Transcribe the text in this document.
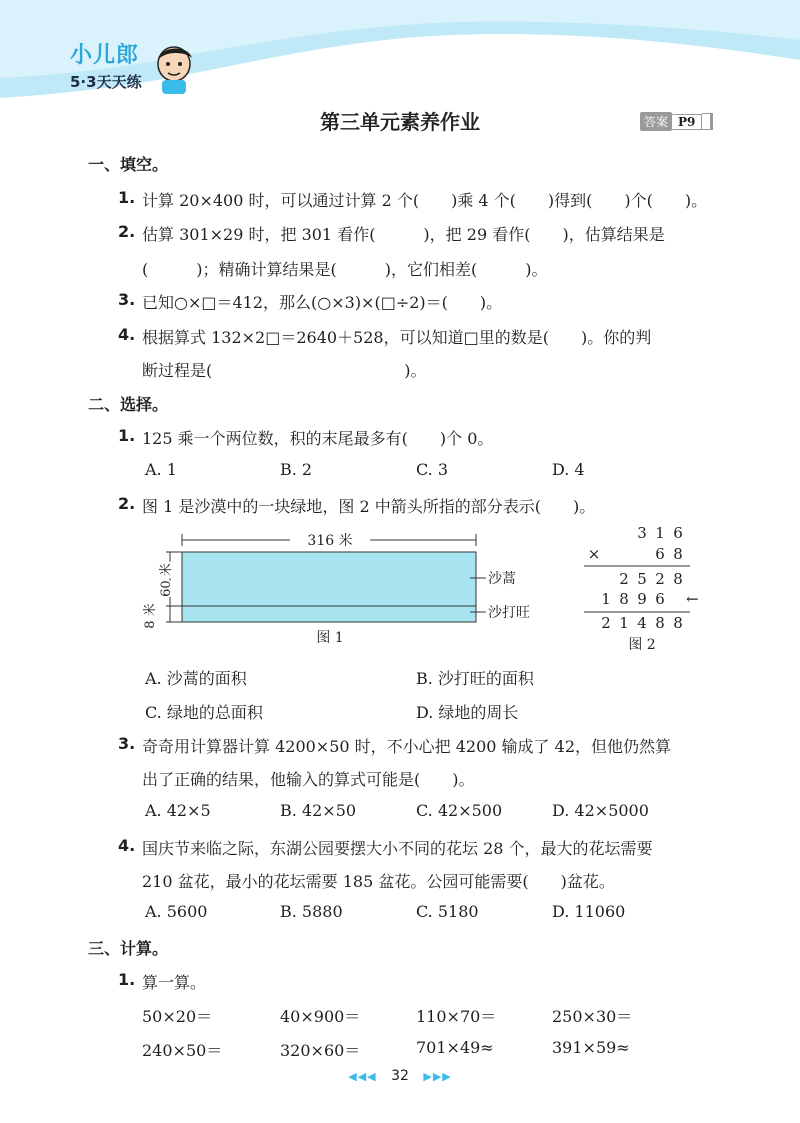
小儿郎
5·3天天练
第三单元素养作业	答案 P9
一、填空。
1. 计算 20×400 时，可以通过计算 2 个(　　)乘 4 个(　　)得到(　　)个(　　)。
2. 估算 301×29 时，把 301 看作(　　　)，把 29 看作(　　)，估算结果是
(　　　)；精确计算结果是(　　　)，它们相差(　　　)。
3. 已知○×□＝412，那么(○×3)×(□÷2)＝(　　)。
4. 根据算式 132×2□＝2640＋528，可以知道□里的数是(　　)。你的判
断过程是(　　　　　　　　　　　　)。
二、选择。
1. 125 乘一个两位数，积的末尾最多有(　　)个 0。
A. 1	B. 2	C. 3	D. 4
2. 图 1 是沙漠中的一块绿地，图 2 中箭头所指的部分表示(　　)。
316 米
60 米
8 米
沙蒿
沙打旺
图 1
3 1 6
×	6 8
2 5 2 8
1 8 9 6
2 1 4 8 8
←
图 2
A. 沙蒿的面积	B. 沙打旺的面积
C. 绿地的总面积	D. 绿地的周长
3. 奇奇用计算器计算 4200×50 时，不小心把 4200 输成了 42，但他仍然算
出了正确的结果，他输入的算式可能是(　　)。
A. 42×5	B. 42×50	C. 42×500	D. 42×5000
4. 国庆节来临之际，东湖公园要摆大小不同的花坛 28 个，最大的花坛需要
210 盆花，最小的花坛需要 185 盆花。公园可能需要(　　)盆花。
A. 5600	B. 5880	C. 5180	D. 11060
三、计算。
1. 算一算。
50×20＝	40×900＝	110×70＝	250×30＝
240×50＝	320×60＝	701×49≈	391×59≈
◀◀◀ 32 ▶▶▶
